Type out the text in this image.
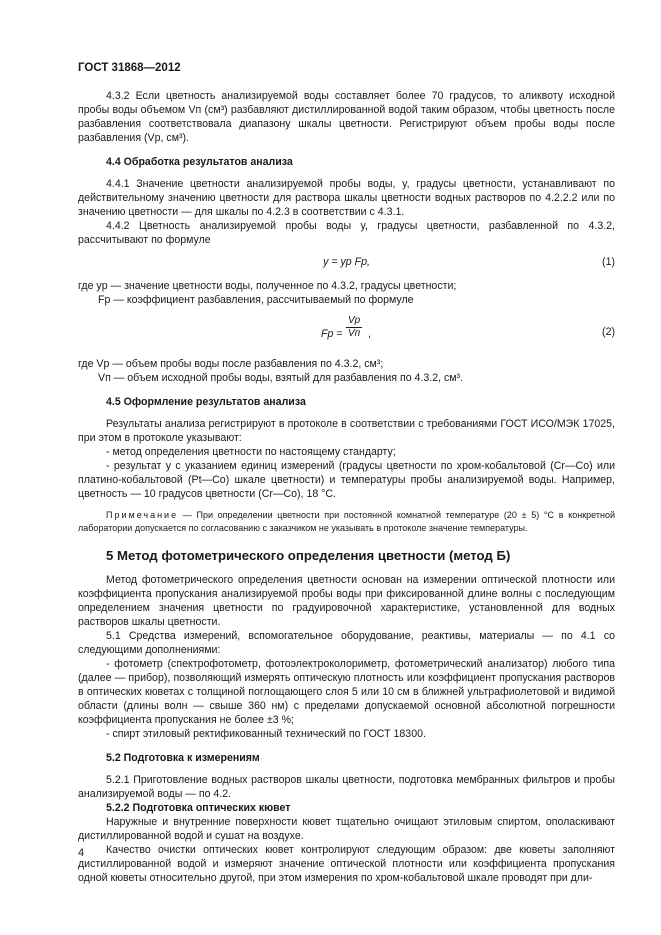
ГОСТ 31868—2012

4.3.2 Если цветность анализируемой воды составляет более 70 градусов, то аликвоту исходной пробы воды объемом Vп (см³) разбавляют дистиллированной водой таким образом, чтобы цветность после разбавления соответствовала диапазону шкалы цветности. Регистрируют объем пробы воды после разбавления (Vр, см³).

4.4 Обработка результатов анализа

4.4.1 Значение цветности анализируемой пробы воды, y, градусы цветности, устанавливают по действительному значению цветности для раствора шкалы цветности водных растворов по 4.2.2.2 или по значению цветности — для шкалы по 4.2.3 в соответствии с 4.3.1.

4.4.2 Цветность анализируемой пробы воды y, градусы цветности, разбавленной по 4.3.2, рассчитывают по формуле

y = yр Fр,	(1)

где yр — значение цветности воды, полученное по 4.3.2, градусы цветности;

Fр — коэффициент разбавления, рассчитываемый по формуле

Fр =
Vр
Vп ,	(2)

где Vр — объем пробы воды после разбавления по 4.3.2, см³;

Vп — объем исходной пробы воды, взятый для разбавления по 4.3.2, см³.

4.5 Оформление результатов анализа

Результаты анализа регистрируют в протоколе в соответствии с требованиями ГОСТ ИСО/МЭК 17025, при этом в протоколе указывают:

- метод определения цветности по настоящему стандарту;

- результат y с указанием единиц измерений (градусы цветности по хром-кобальтовой (Cr—Co) или платино-кобальтовой (Pt—Co) шкале цветности) и температуры пробы анализируемой воды. Например, цветность — 10 градусов цветности (Cr—Co), 18 °С.

Примечание — При определении цветности при постоянной комнатной температуре (20 ± 5) °С в конкретной лаборатории допускается по согласованию с заказчиком не указывать в протоколе значение температуры.

5 Метод фотометрического определения цветности (метод Б)

Метод фотометрического определения цветности основан на измерении оптической плотности или коэффициента пропускания анализируемой пробы воды при фиксированной длине волны с последующим определением значения цветности по градуировочной характеристике, установленной для водных растворов шкалы цветности.

5.1 Средства измерений, вспомогательное оборудование, реактивы, материалы — по 4.1 со следующими дополнениями:

- фотометр (спектрофотометр, фотоэлектроколориметр, фотометрический анализатор) любого типа (далее — прибор), позволяющий измерять оптическую плотность или коэффициент пропускания растворов в оптических кюветах с толщиной поглощающего слоя 5 или 10 см в ближней ультрафиолетовой и видимой области (длины волн — свыше 360 нм) с пределами допускаемой основной абсолютной погрешности коэффициента пропускания не более ±3 %;

- спирт этиловый ректификованный технический по ГОСТ 18300.

5.2 Подготовка к измерениям

5.2.1 Приготовление водных растворов шкалы цветности, подготовка мембранных фильтров и пробы анализируемой воды — по 4.2.

5.2.2 Подготовка оптических кювет

Наружные и внутренние поверхности кювет тщательно очищают этиловым спиртом, ополаскивают дистиллированной водой и сушат на воздухе.

Качество очистки оптических кювет контролируют следующим образом: две кюветы заполняют дистиллированной водой и измеряют значение оптической плотности или коэффициента пропускания одной кюветы относительно другой, при этом измерения по хром-кобальтовой шкале проводят при дли-

4
